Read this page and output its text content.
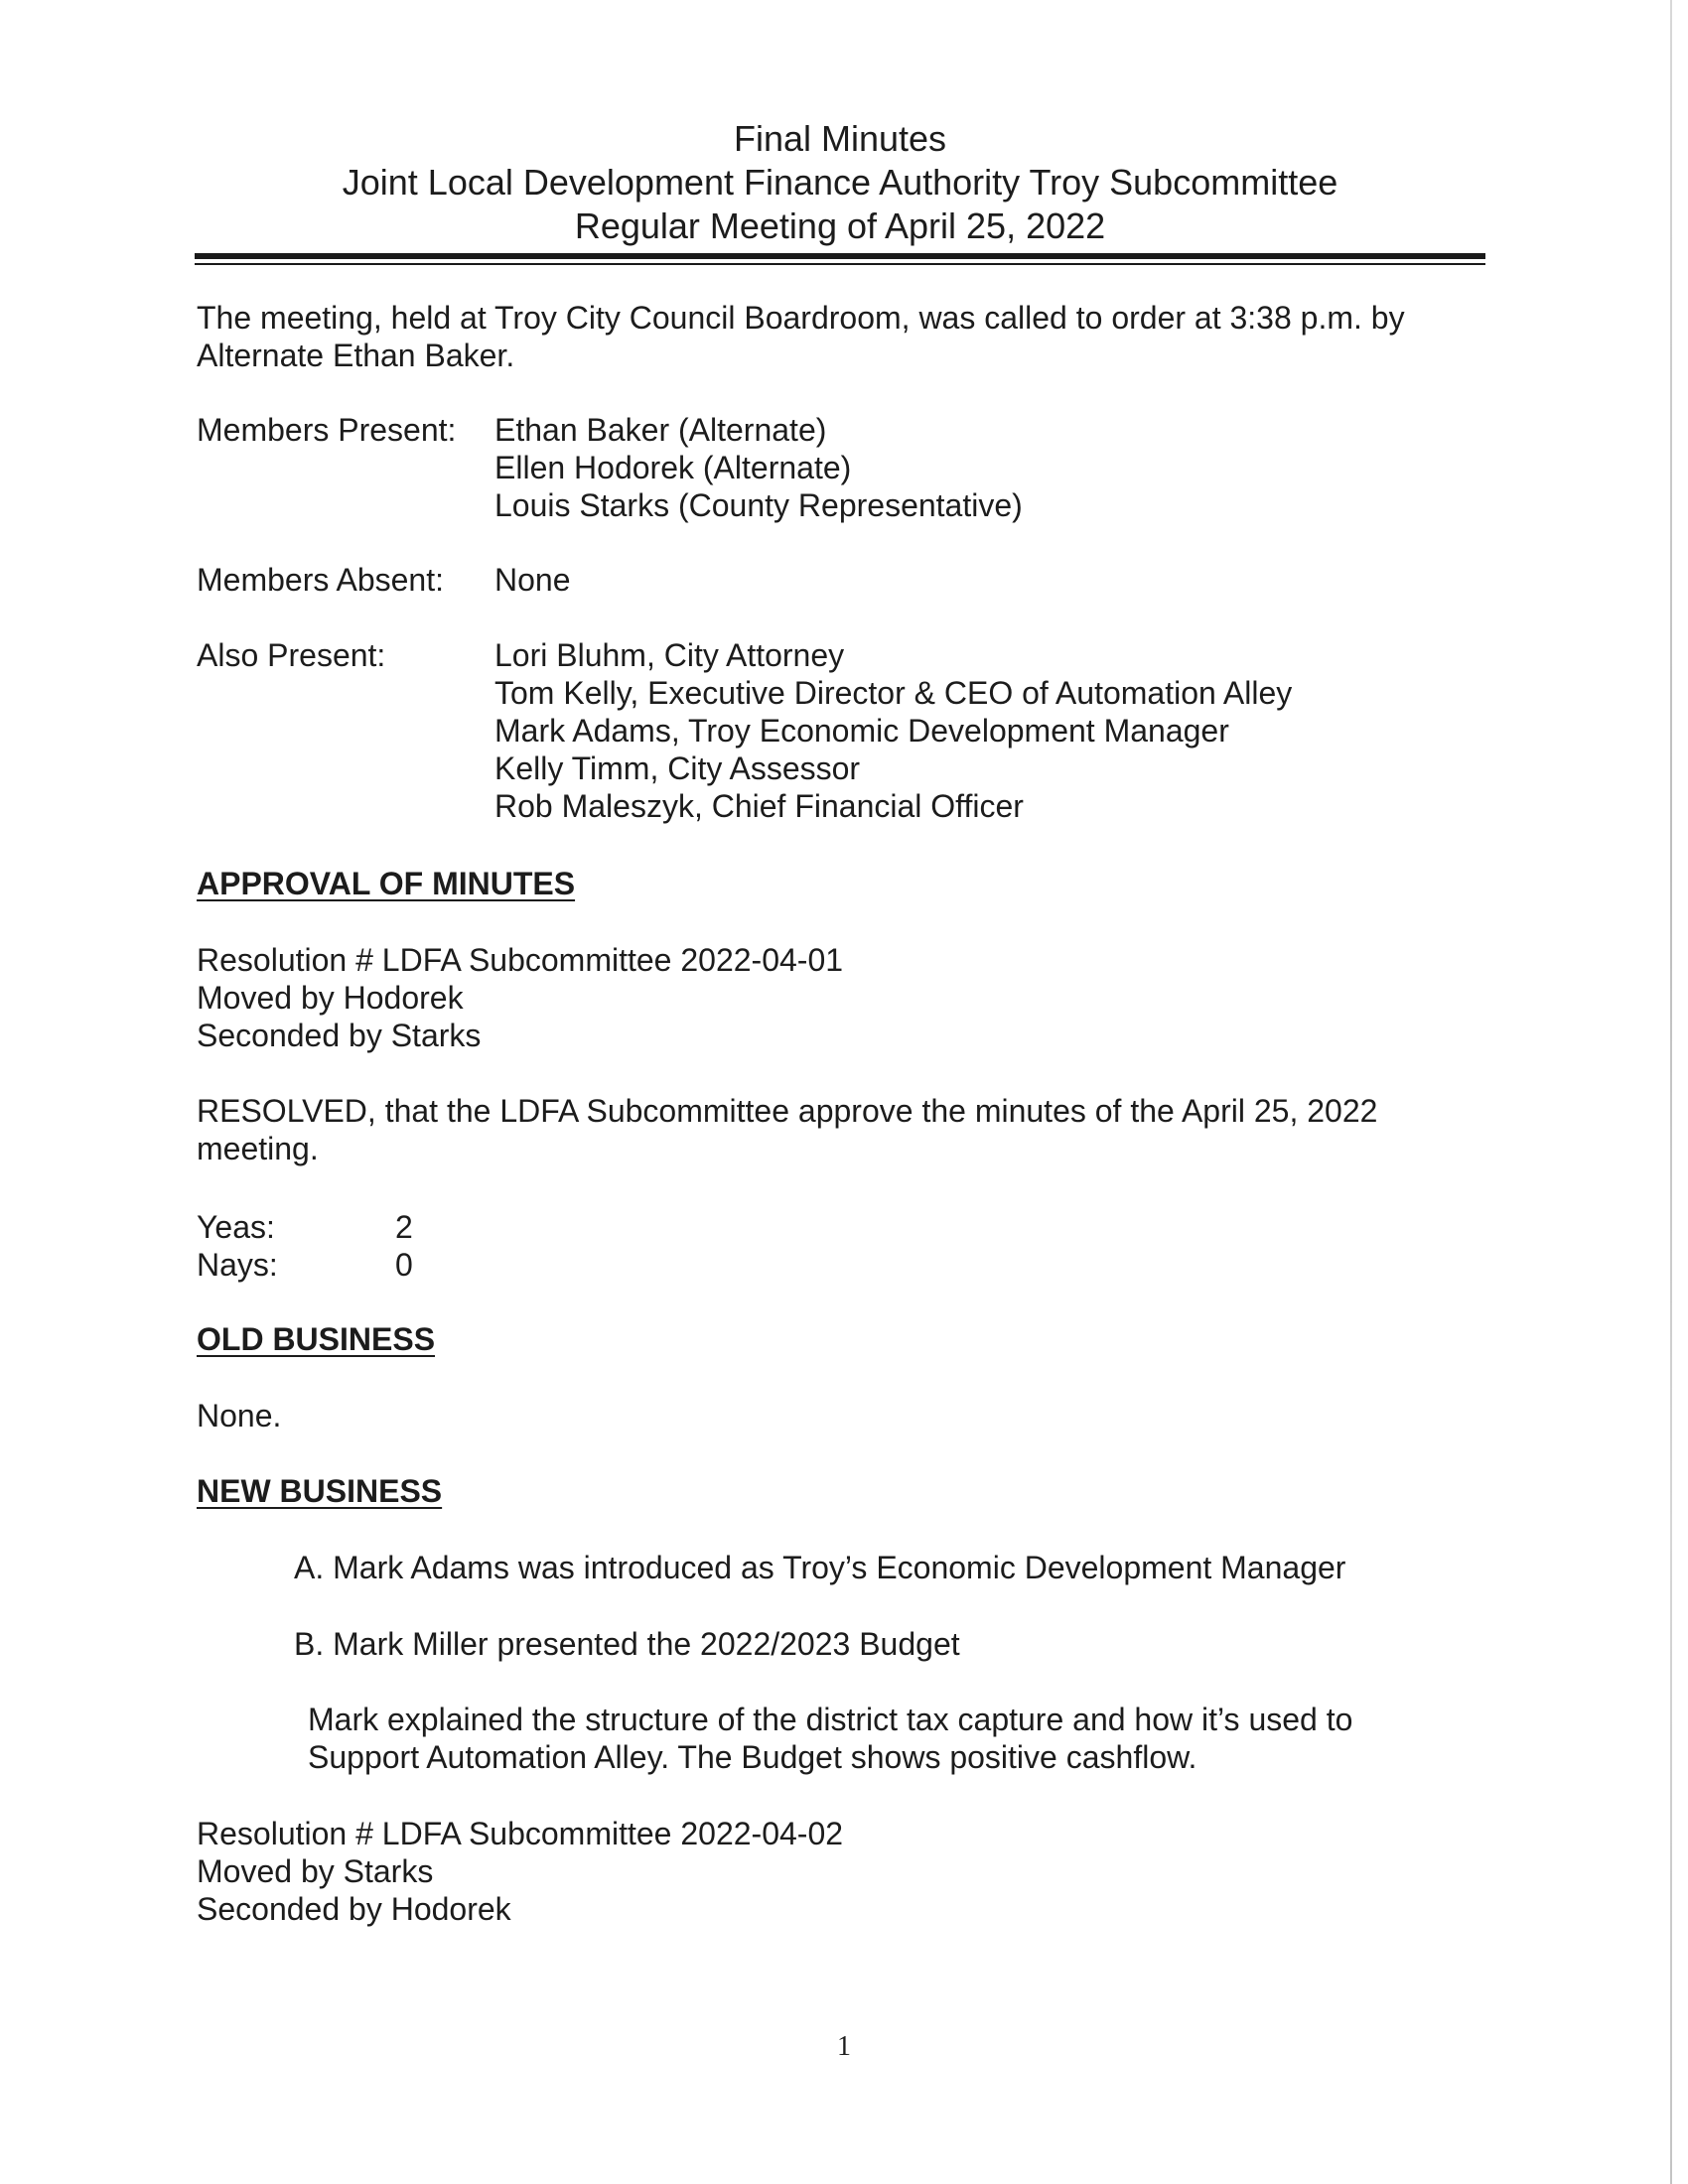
Final Minutes

Joint Local Development Finance Authority Troy Subcommittee

Regular Meeting of April 25, 2022

The meeting, held at Troy City Council Boardroom, was called to order at 3:38 p.m. by
Alternate Ethan Baker.
Members Present: Ethan Baker (Alternate)
Ellen Hodorek (Alternate)
Louis Starks (County Representative)
Members Absent: None
Also Present:	Lori Bluhm, City Attorney
Tom Kelly, Executive Director & CEO of Automation Alley
Mark Adams, Troy Economic Development Manager
Kelly Timm, City Assessor
Rob Maleszyk, Chief Financial Officer
APPROVAL OF MINUTES
Resolution # LDFA Subcommittee 2022-04-01
Moved by Hodorek
Seconded by Starks
RESOLVED, that the LDFA Subcommittee approve the minutes of the April 25, 2022
meeting.
Yeas:	2
Nays:	0
OLD BUSINESS
None.
NEW BUSINESS
A. Mark Adams was introduced as Troy’s Economic Development Manager
B. Mark Miller presented the 2022/2023 Budget
Mark explained the structure of the district tax capture and how it’s used to
Support Automation Alley. The Budget shows positive cashflow.
Resolution # LDFA Subcommittee 2022-04-02
Moved by Starks
Seconded by Hodorek
1
